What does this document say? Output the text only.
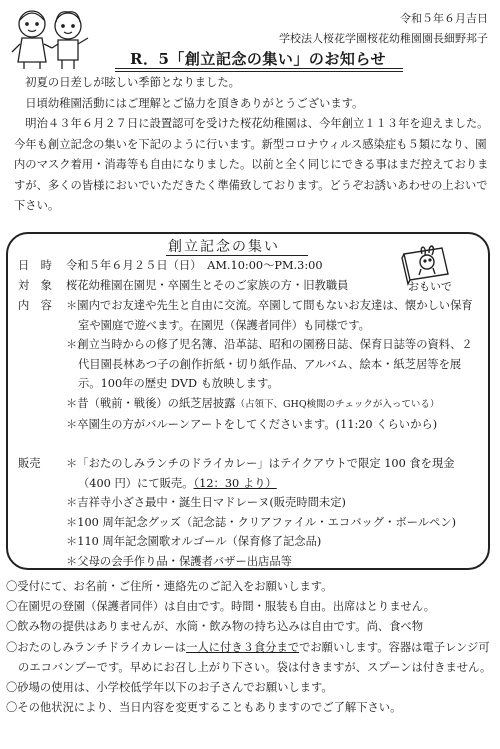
令和５年６月吉日
学校法人桜花学園桜花幼稚園園長細野邦子
R．5「創立記念の集い」のお知らせ

初夏の日差しが眩しい季節となりました。

日頃幼稚園活動にはご理解とご協力を頂きありがとうございます。

明治４３年６月２７日に設置認可を受けた桜花幼稚園は、今年創立１１３年を迎えました。今年も創立記念の集いを下記のように行います。新型コロナウィルス感染症も５類になり、園内のマスク着用・消毒等も自由になりました。以前と全く同じにできる事はまだ控えておりますが、多くの皆様においでいただきたく準備致しております。どうぞお誘いあわせの上おいで下さい。

創立記念の集い
おもいで
日　時 令和５年６月２５日（日）　AM.10:00〜PM.3:00
対　象 桜花幼稚園在園児・卒園生とそのご家族の方・旧教職員
内　容 ＊園内でお友達や先生と自由に交流。卒園して間もないお友達は、懐かしい保育室や園庭で遊べます。在園児（保護者同伴）も同様です。
＊創立当時からの修了児名簿、沿革誌、昭和の園務日誌、保育日誌等の資料、２代目園長林あつ子の創作折紙・切り紙作品、アルバム、絵本・紙芝居等を展示。100年の歴史 DVD も放映します。
＊昔（戦前・戦後）の紙芝居披露（占領下、GHQ検閲のチェックが入っている）
＊卒園生の方がバルーンアートをしてくださいます。(11:20 くらいから)
販売 ＊「おたのしみランチのドライカレー」はテイクアウトで限定 100 食を現金（400 円）にて販売。（12：30 より）
＊吉祥寺小ざさ最中・誕生日マドレーヌ(販売時間未定)
＊100 周年記念グッズ（記念誌・クリアファイル・エコバッグ・ボールペン)
＊110 周年記念園歌オルゴール（保育修了記念品)
＊父母の会手作り品・保護者バザー出店品等
〇受付にて、お名前・ご住所・連絡先のご記入をお願いします。
〇在園児の登園（保護者同伴）は自由です。時間・服装も自由。出席はとりません。
〇飲み物の提供はありませんが、水筒・飲み物の持ち込みは自由です。尚、食べ物
〇おたのしみランチドライカレーは一人に付き３食分まででお願いします。容器は電子レンジ可のエコバンブーです。早めにお召し上がり下さい。袋は付きますが、スプーンは付きません。
〇砂場の使用は、小学校低学年以下のお子さんでお願いします。
〇その他状況により、当日内容を変更することもありますのでご了解下さい。
